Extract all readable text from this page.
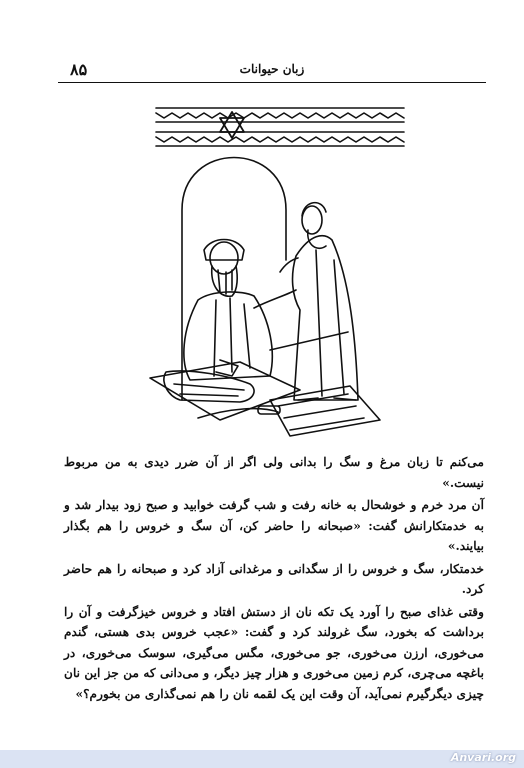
۸۵	زبان حیوانات

می‌کنم تا زبان مرغ و سگ را بدانی ولی اگر از آن ضرر دیدی به من مربوط نیست.»

آن مرد خرم و خوشحال به خانه رفت و شب گرفت خوابید و صبح زود بیدار شد و به خدمتکارانش گفت: «صبحانه را حاضر کن، آن سگ و خروس را هم بگذار بیایند.»

خدمتکار، سگ و خروس را از سگدانی و مرغدانی آزاد کرد و صبحانه را هم حاضر کرد.

وقتی غذای صبح را آورد یک تکه نان از دستش افتاد و خروس خیزگرفت و آن را برداشت که بخورد، سگ غرولند کرد و گفت: «عجب خروس بدی هستی، گندم می‌خوری، ارزن می‌خوری، جو می‌خوری، مگس می‌گیری، سوسک می‌خوری، در باغچه می‌چری، کرم زمین می‌خوری و هزار چیز دیگر، و می‌دانی که من جز این نان چیزی دیگرگیرم نمی‌آید، آن وقت این یک لقمه نان را هم نمی‌گذاری من بخورم؟»

Anvari.org
